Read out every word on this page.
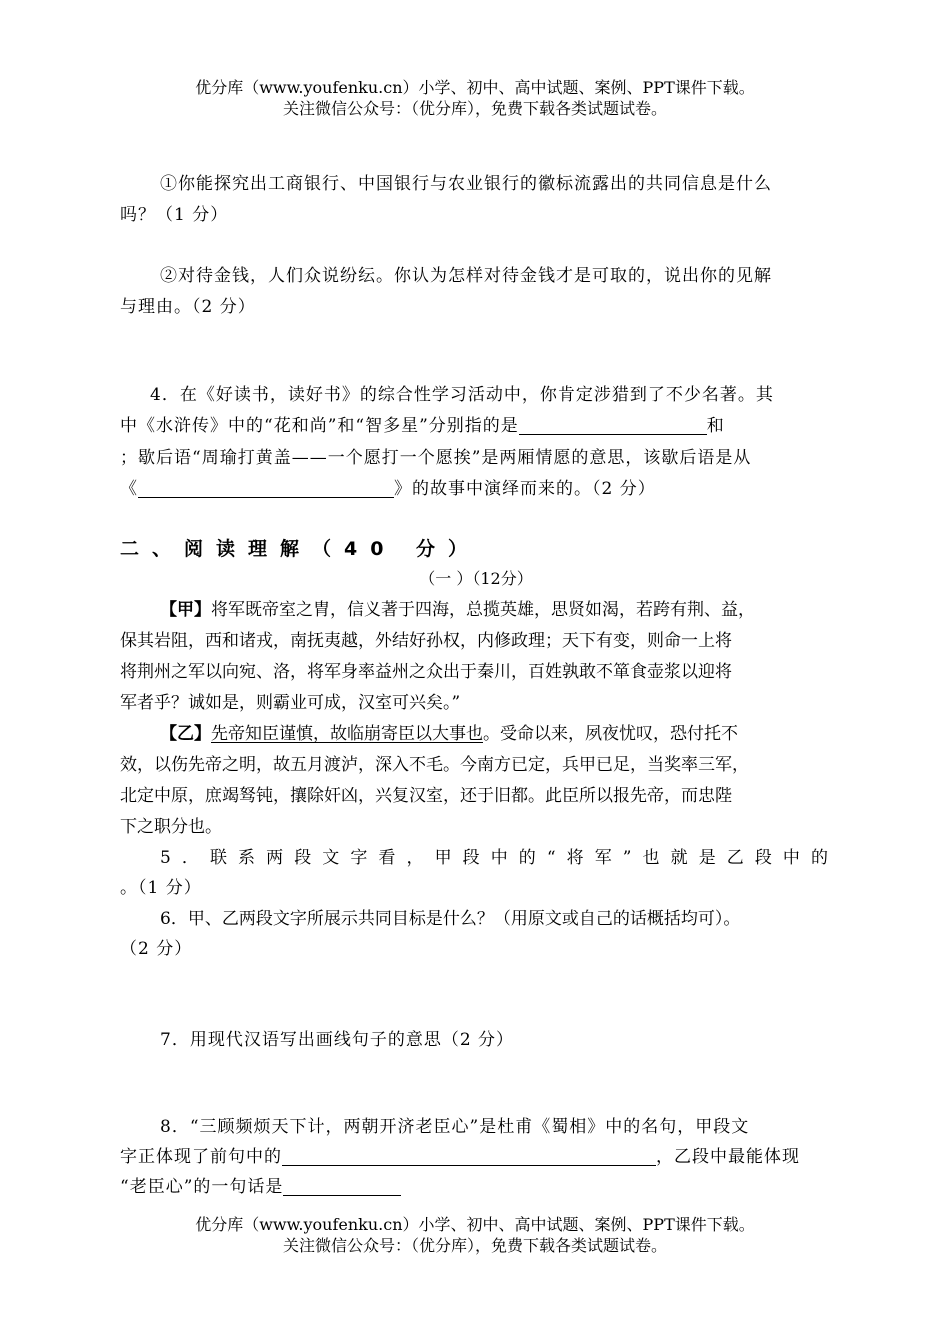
优分库（www.youfenku.cn）小学、初中、高中试题、案例、PPT课件下载。
关注微信公众号：（优分库），免费下载各类试题试卷。
①你能探究出工商银行、中国银行与农业银行的徽标流露出的共同信息是什么
吗？（1 分）
②对待金钱，人们众说纷纭。你认为怎样对待金钱才是可取的，说出你的见解
与理由。（2 分）
4．在《好读书，读好书》的综合性学习活动中，你肯定涉猎到了不少名著。其
中《水浒传》中的“花和尚”和“智多星”分别指的是	和
；歇后语“周瑜打黄盖——一个愿打一个愿挨”是两厢情愿的意思，该歇后语是从
《	》的故事中演绎而来的。（2 分）
二、阅读理解（40 分）
（一 ）（12分）
【甲】将军既帝室之胄，信义著于四海，总揽英雄，思贤如渴，若跨有荆、益，
保其岩阻，西和诸戎，南抚夷越，外结好孙权，内修政理；天下有变，则命一上将
将荆州之军以向宛、洛，将军身率益州之众出于秦川，百姓孰敢不箪食壶浆以迎将
军者乎？诚如是，则霸业可成，汉室可兴矣。”
【乙】先帝知臣谨慎，故临崩寄臣以大事也。受命以来，夙夜忧叹，恐付托不
效，以伤先帝之明，故五月渡泸，深入不毛。今南方已定，兵甲已足，当奖率三军，
北定中原，庶竭驽钝，攘除奸凶，兴复汉室，还于旧都。此臣所以报先帝，而忠陛
下之职分也。
5．联系两段文字看，甲段中的“将军”也就是乙段中的
。（1 分）
6．甲、乙两段文字所展示共同目标是什么？（用原文或自己的话概括均可）。
（2 分）
7．用现代汉语写出画线句子的意思（2 分）
8．“三顾频烦天下计，两朝开济老臣心”是杜甫《蜀相》中的名句，甲段文
字正体现了前句中的	，乙段中最能体现
“老臣心”的一句话是
优分库（www.youfenku.cn）小学、初中、高中试题、案例、PPT课件下载。
关注微信公众号：（优分库），免费下载各类试题试卷。
